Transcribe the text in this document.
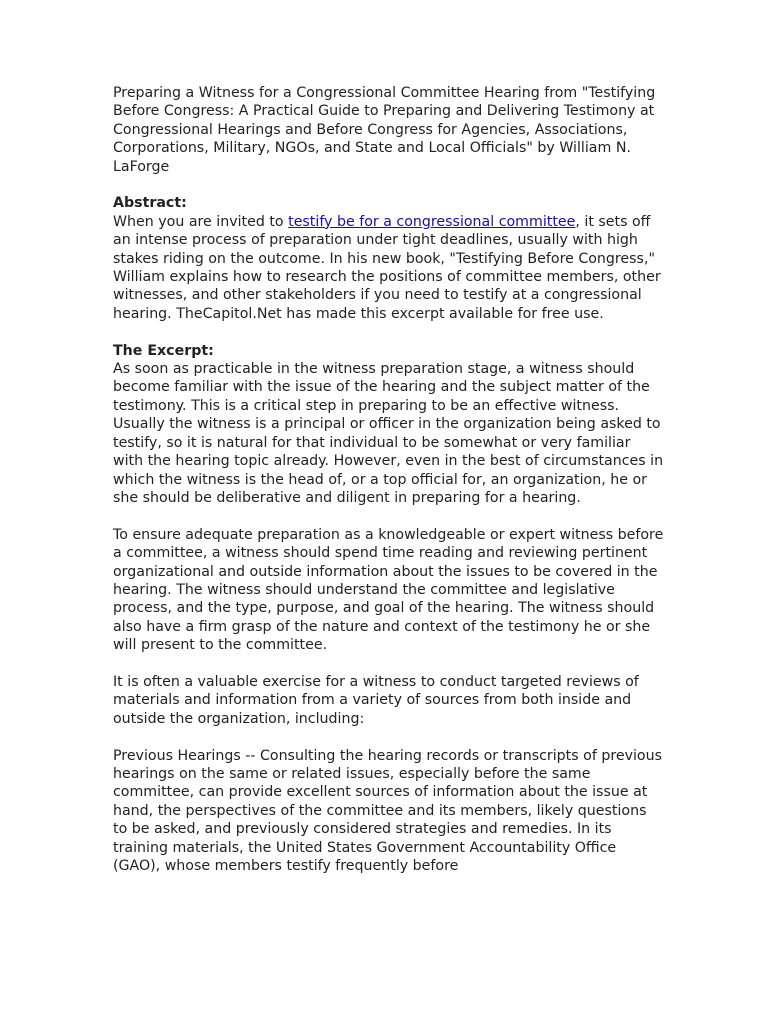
Preparing a Witness for a Congressional Committee Hearing from "Testifying Before Congress: A Practical Guide to Preparing and Delivering Testimony at Congressional Hearings and Before Congress for Agencies, Associations, Corporations, Military, NGOs, and State and Local Officials" by William N. LaForge
Abstract:
When you are invited to testify be for a congressional committee, it sets off an intense process of preparation under tight deadlines, usually with high stakes riding on the outcome. In his new book, "Testifying Before Congress," William explains how to research the positions of committee members, other witnesses, and other stakeholders if you need to testify at a congressional hearing. TheCapitol.Net has made this excerpt available for free use.
The Excerpt:
As soon as practicable in the witness preparation stage, a witness should become familiar with the issue of the hearing and the subject matter of the testimony. This is a critical step in preparing to be an effective witness. Usually the witness is a principal or officer in the organization being asked to testify, so it is natural for that individual to be somewhat or very familiar with the hearing topic already. However, even in the best of circumstances in which the witness is the head of, or a top official for, an organization, he or she should be deliberative and diligent in preparing for a hearing.
To ensure adequate preparation as a knowledgeable or expert witness before a committee, a witness should spend time reading and reviewing pertinent organizational and outside information about the issues to be covered in the hearing. The witness should understand the committee and legislative process, and the type, purpose, and goal of the hearing. The witness should also have a firm grasp of the nature and context of the testimony he or she will present to the committee.
It is often a valuable exercise for a witness to conduct targeted reviews of materials and information from a variety of sources from both inside and outside the organization, including:
Previous Hearings -- Consulting the hearing records or transcripts of previous hearings on the same or related issues, especially before the same committee, can provide excellent sources of information about the issue at hand, the perspectives of the committee and its members, likely questions to be asked, and previously considered strategies and remedies. In its training materials, the United States Government Accountability Office (GAO), whose members testify frequently before
